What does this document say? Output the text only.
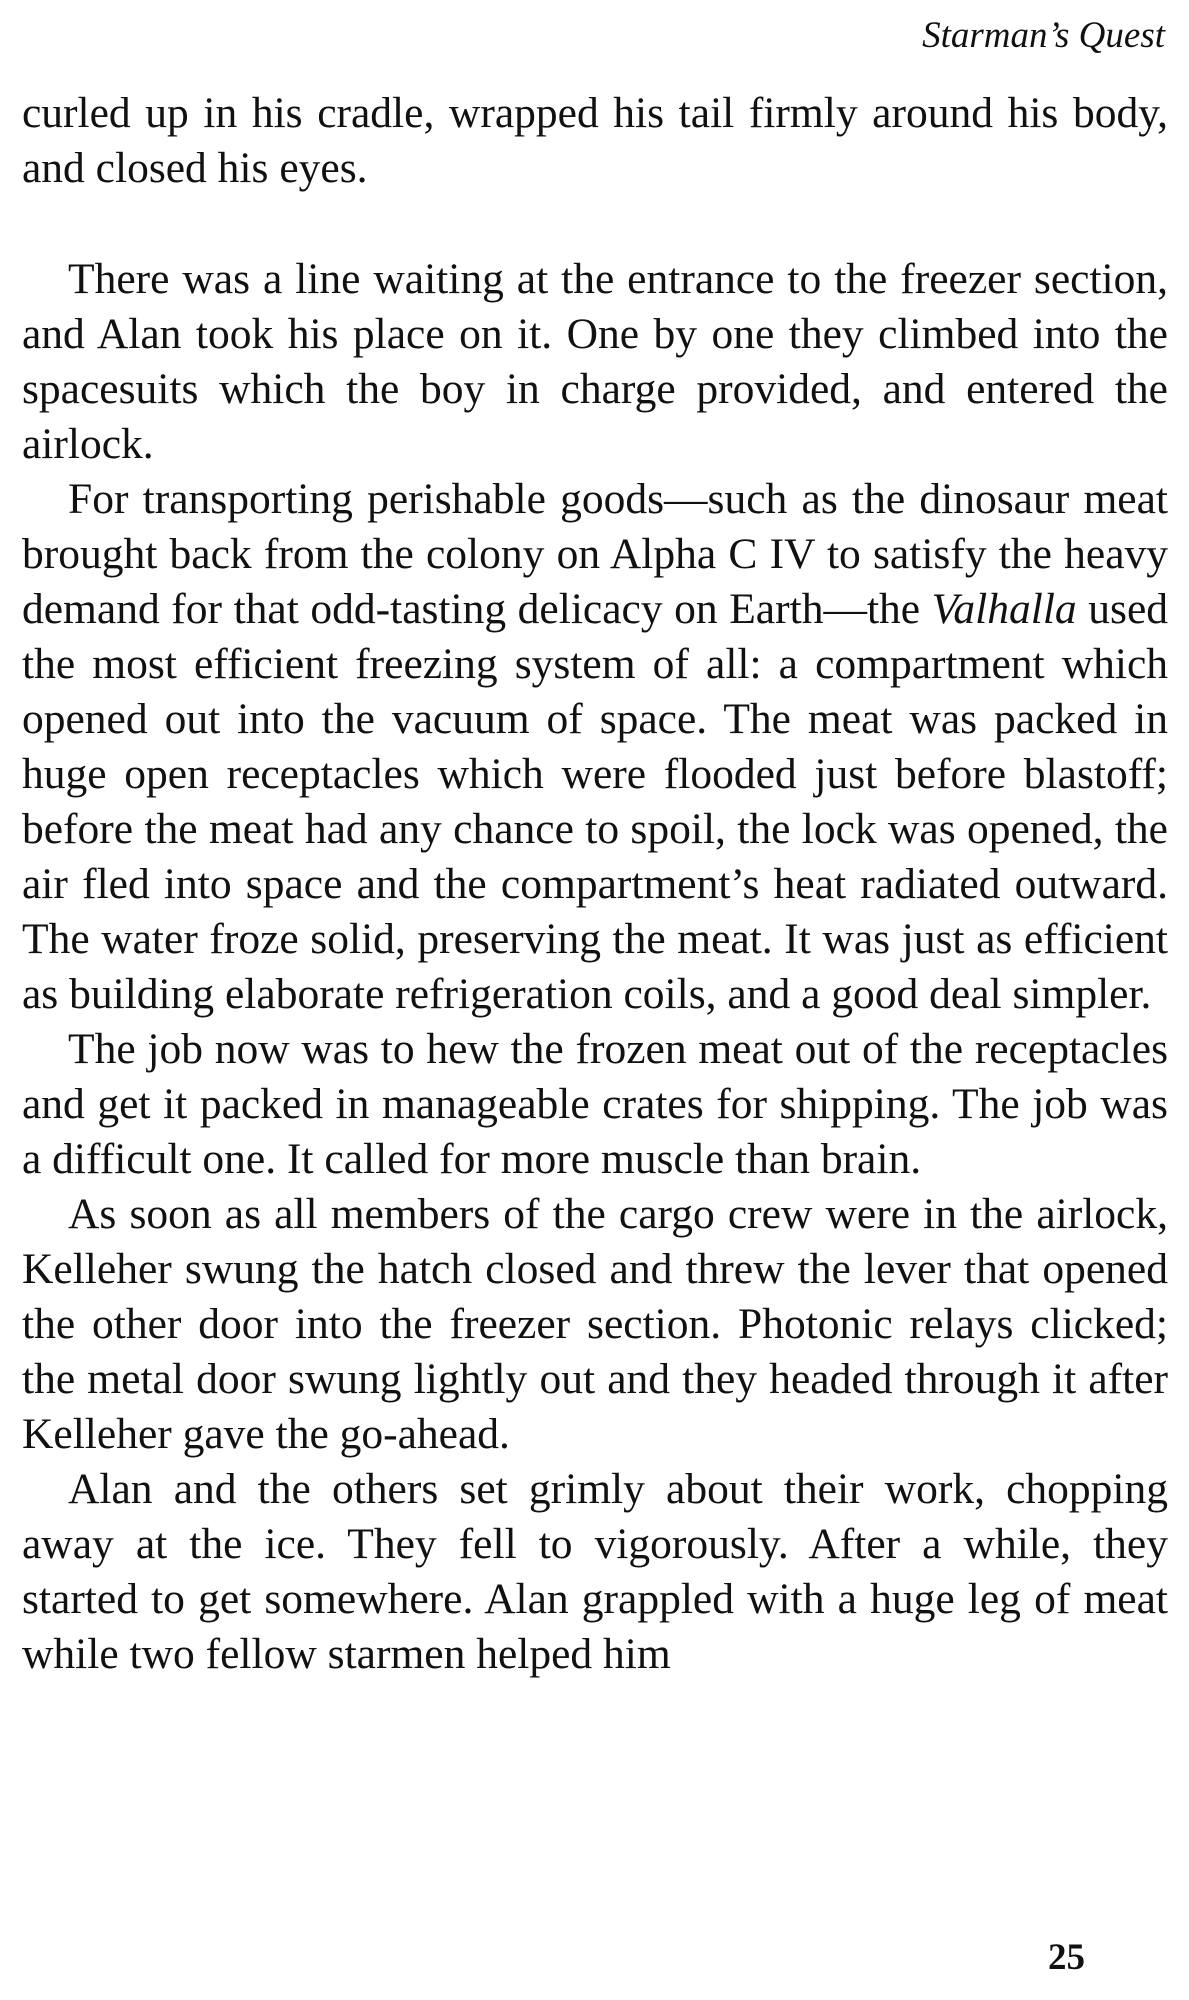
Starman’s Quest

curled up in his cradle, wrapped his tail firmly around his body, and closed his eyes.

There was a line waiting at the entrance to the freezer section, and Alan took his place on it. One by one they climbed into the spacesuits which the boy in charge provided, and entered the airlock.

For transporting perishable goods—such as the dinosaur meat brought back from the colony on Alpha C IV to satisfy the heavy demand for that odd-tasting delicacy on Earth—the Valhalla used the most efficient freezing system of all: a compartment which opened out into the vacuum of space. The meat was packed in huge open receptacles which were flooded just before blastoff; before the meat had any chance to spoil, the lock was opened, the air fled into space and the compartment’s heat radiated outward. The water froze solid, preserving the meat. It was just as efficient as building elaborate refrigeration coils, and a good deal simpler.

The job now was to hew the frozen meat out of the receptacles and get it packed in manageable crates for shipping. The job was a difficult one. It called for more muscle than brain.

As soon as all members of the cargo crew were in the airlock, Kelleher swung the hatch closed and threw the lever that opened the other door into the freezer section. Photonic relays clicked; the metal door swung lightly out and they headed through it after Kelleher gave the go-ahead.

Alan and the others set grimly about their work, chopping away at the ice. They fell to vigorously. After a while, they started to get somewhere. Alan grappled with a huge leg of meat while two fellow starmen helped him

25
